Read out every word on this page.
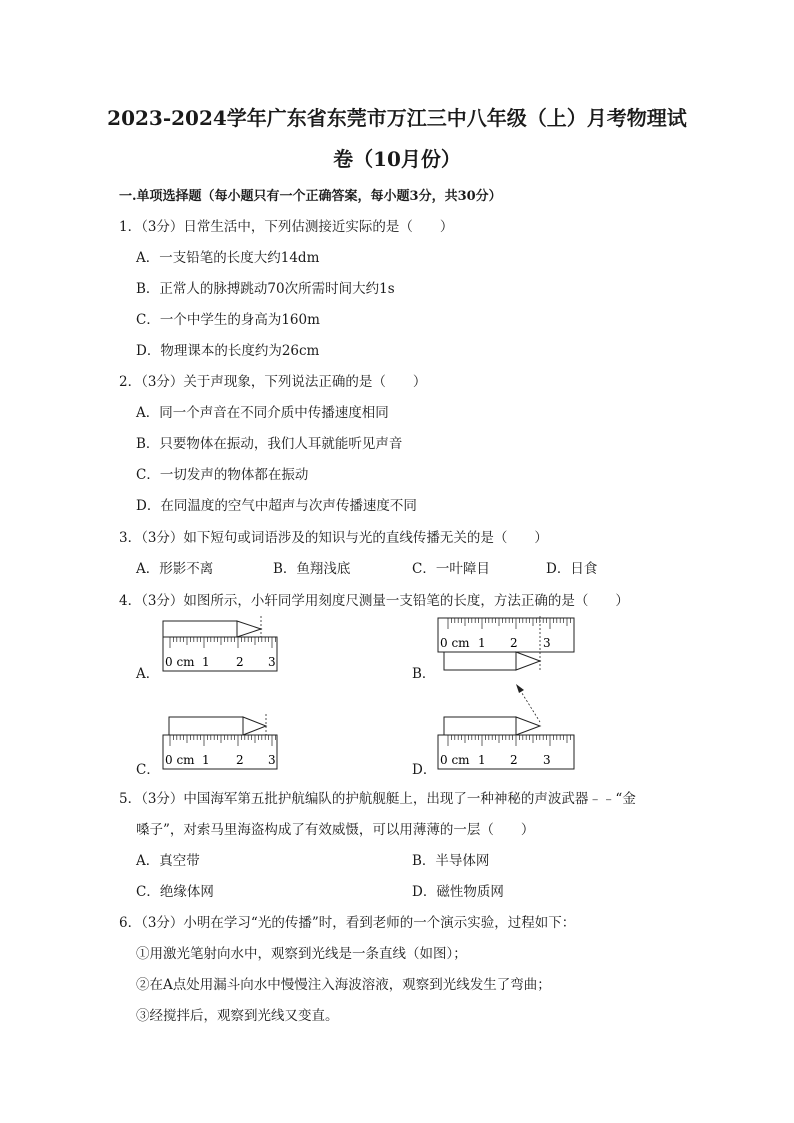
2023-2024学年广东省东莞市万江三中八年级（上）月考物理试
卷（10月份）
一.单项选择题（每小题只有一个正确答案，每小题3分，共30分）
1．（3分）日常生活中，下列估测接近实际的是（　　）
A．一支铅笔的长度大约14dm
B．正常人的脉搏跳动70次所需时间大约1s
C．一个中学生的身高为160m
D．物理课本的长度约为26cm
2．（3分）关于声现象，下列说法正确的是（　　）
A．同一个声音在不同介质中传播速度相同
B．只要物体在振动，我们人耳就能听见声音
C．一切发声的物体都在振动
D．在同温度的空气中超声与次声传播速度不同
3．（3分）如下短句或词语涉及的知识与光的直线传播无关的是（　　）
A．形影不离	B．鱼翔浅底	C．一叶障目	D．日食
4．（3分）如图所示，小轩同学用刻度尺测量一支铅笔的长度，方法正确的是（　　）
A．
0 cm 1 2 3
B．
0 cm 1 2 3
C．
0 cm 1 2 3
D．
0 cm 1 2 3
5．（3分）中国海军第五批护航编队的护航舰艇上，出现了一种神秘的声波武器﹣﹣“金
嗓子”，对索马里海盗构成了有效威慑，可以用薄薄的一层（　　）
A．真空带	B．半导体网
C．绝缘体网	D．磁性物质网
6．（3分）小明在学习“光的传播”时，看到老师的一个演示实验，过程如下：
①用激光笔射向水中，观察到光线是一条直线（如图）；
②在A点处用漏斗向水中慢慢注入海波溶液，观察到光线发生了弯曲；
③经搅拌后，观察到光线又变直。
